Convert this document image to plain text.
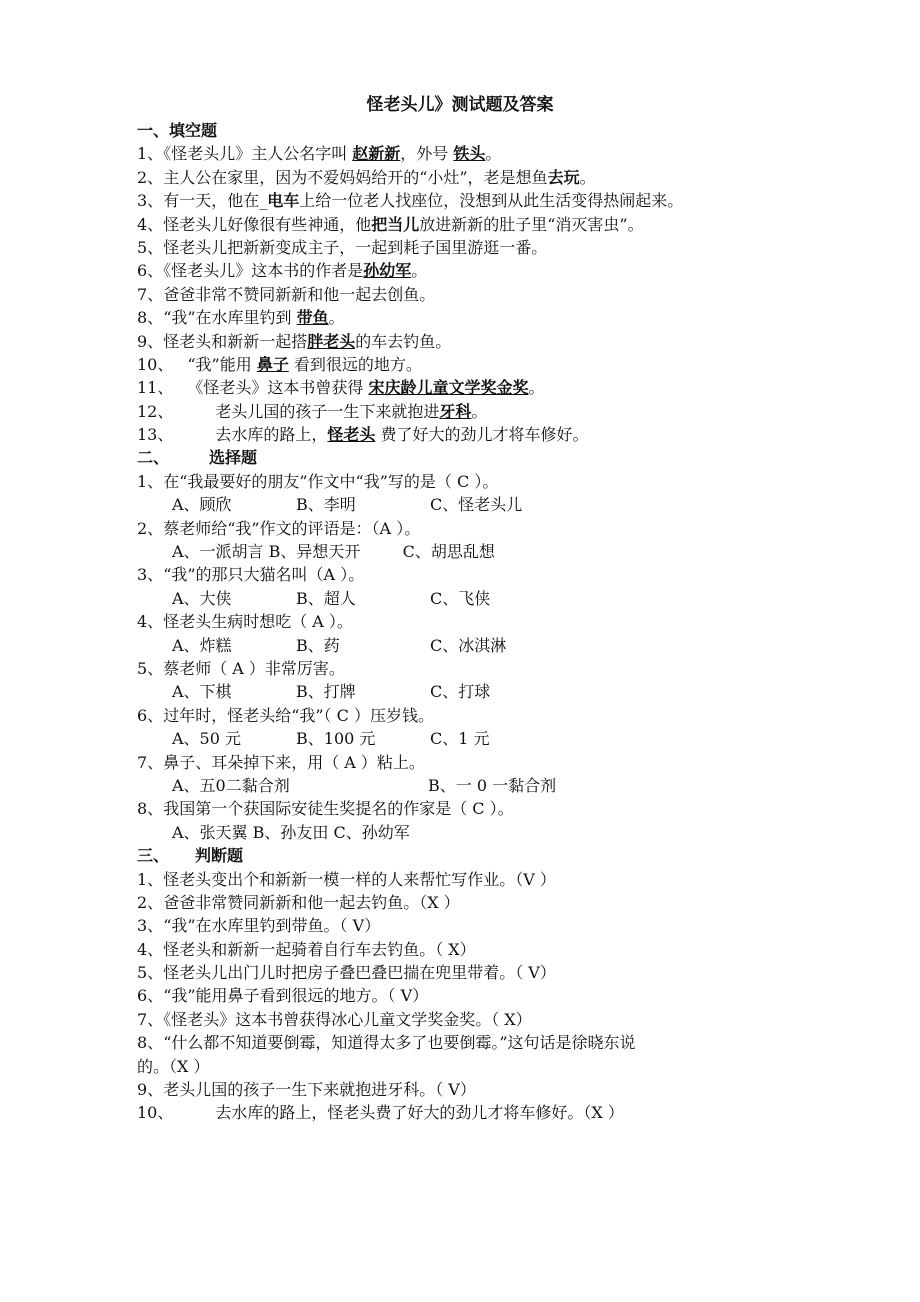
怪老头儿》测试题及答案
一、填空题
1、《怪老头儿》主人公名字叫 赵新新，外号 铁头。
2、主人公在家里，因为不爱妈妈给开的“小灶”，老是想鱼去玩。
3、有一天，他在_电车上给一位老人找座位，没想到从此生活变得热闹起来。
4、怪老头儿好像很有些神通，他把当儿放进新新的肚子里“消灭害虫”。
5、怪老头儿把新新变成主子，一起到耗子国里游逛一番。
6、《怪老头儿》这本书的作者是孙幼军。
7、爸爸非常不赞同新新和他一起去创鱼。
8、“我”在水库里钓到 带鱼。
9、怪老头和新新一起搭胖老头的车去钓鱼。
10、 “我”能用 鼻子 看到很远的地方。
11、 《怪老头》这本书曾获得 宋庆龄儿童文学奖金奖。
12、	老头儿国的孩子一生下来就抱进牙科。
13、	去水库的路上，怪老头 费了好大的劲儿才将车修好。
二、	选择题
1、在“我最要好的朋友”作文中“我”写的是（ C ）。
A、顾欣	B、李明	C、怪老头儿
2、蔡老师给“我”作文的评语是：（A ）。
A、一派胡言 B、异想天开	C、胡思乱想
3、“我”的那只大猫名叫（A ）。
A、大侠	B、超人	C、飞侠
4、怪老头生病时想吃（ A ）。
A、炸糕	B、药	C、冰淇淋
5、蔡老师（ A ）非常厉害。
A、下棋	B、打牌	C、打球
6、过年时，怪老头给“我”（ C ）压岁钱。
A、50 元	B、100 元	C、1 元
7、鼻子、耳朵掉下来，用（ A ）粘上。
A、五0二黏合剂	B、一 0 一黏合剂
8、我国第一个获国际安徒生奖提名的作家是（ C ）。
A、张天翼 B、孙友田 C、孙幼军
三、 判断题
1、怪老头变出个和新新一模一样的人来帮忙写作业。（V ）
2、爸爸非常赞同新新和他一起去钓鱼。（X ）
3、“我”在水库里钓到带鱼。（ V）
4、怪老头和新新一起骑着自行车去钓鱼。（ X）
5、怪老头儿出门儿时把房子叠巴叠巴揣在兜里带着。（ V）
6、“我”能用鼻子看到很远的地方。（ V）
7、《怪老头》这本书曾获得冰心儿童文学奖金奖。（ X）
8、“什么都不知道要倒霉，知道得太多了也要倒霉。”这句话是徐晓东说
的。（X ）
9、老头儿国的孩子一生下来就抱进牙科。（ V）
10、	去水库的路上，怪老头费了好大的劲儿才将车修好。（X ）
